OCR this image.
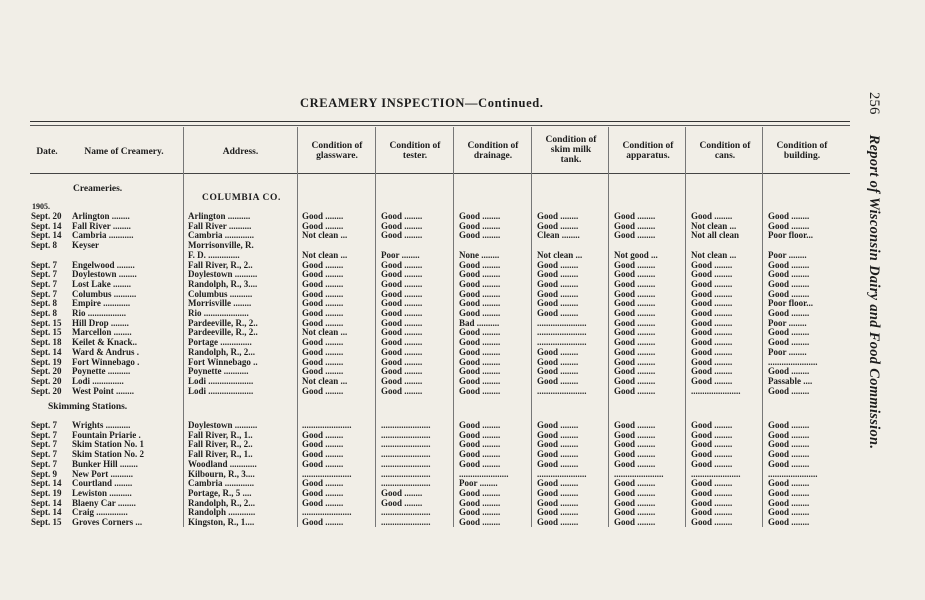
CREAMERY INSPECTION—Continued.	256 Report of Wisconsin Dairy and Food Commission.
Date.	Name of Creamery.	Address.
Condition of
glassware.
Condition of
tester.
Condition of
drainage.
Condition of
skim milk
tank.
Condition of
apparatus.
Condition of
cans.
Condition of
building.
Creameries.
COLUMBIA CO.
1905.
Skimming Stations.
Sept. 20	Arlington ........	Arlington ..........	Good ........	Good ........	Good ........	Good ........	Good ........	Good ........	Good ........
Sept. 14	Fall River ........	Fall River ..........	Good ........	Good ........	Good ........	Good ........	Good ........	Not clean ...	Good ........
Sept. 14	Cambria ...........	Cambria .............	Not clean ...	Good ........	Good ........	Clean ........	Good ........	Not all clean	Poor floor...
Sept. 8	Keyser	Morrisonville, R.
F. D. ..............	Not clean ...	Poor ........	None ........	Not clean ...	Not good ...	Not clean ...	Poor ........
Sept. 7	Engelwood ........	Fall River, R., 2..	Good ........	Good ........	Good ........	Good ........	Good ........	Good ........	Good ........
Sept. 7	Doylestown ........	Doylestown ..........	Good ........	Good ........	Good ........	Good ........	Good ........	Good ........	Good ........
Sept. 7	Lost Lake ........	Randolph, R., 3....	Good ........	Good ........	Good ........	Good ........	Good ........	Good ........	Good ........
Sept. 7	Columbus ..........	Columbus ..........	Good ........	Good ........	Good ........	Good ........	Good ........	Good ........	Good ........
Sept. 8	Empire ............	Morrisville ........	Good ........	Good ........	Good ........	Good ........	Good ........	Good ........	Poor floor...
Sept. 8	Rio .................	Rio ....................	Good ........	Good ........	Good ........	Good ........	Good ........	Good ........	Good ........
Sept. 15	Hill Drop ........	Pardeeville, R., 2..	Good ........	Good ........	Bad ..........	......................	Good ........	Good ........	Poor ........
Sept. 15	Marcellon ........	Pardeeville, R., 2..	Not clean ...	Good ........	Good ........	......................	Good ........	Good ........	Good ........
Sept. 18	Keilet & Knack..	Portage ..............	Good ........	Good ........	Good ........	......................	Good ........	Good ........	Good ........
Sept. 14	Ward & Andrus .	Randolph, R., 2...	Good ........	Good ........	Good ........	Good ........	Good ........	Good ........	Poor ........
Sept. 19	Fort Winnebago .	Fort Winnebago ..	Good ........	Good ........	Good ........	Good ........	Good ........	Good ........	......................
Sept. 20	Poynette ..........	Poynette ...........	Good ........	Good ........	Good ........	Good ........	Good ........	Good ........	Good ........
Sept. 20	Lodi ..............	Lodi ....................	Not clean ...	Good ........	Good ........	Good ........	Good ........	Good ........	Passable ....
Sept. 20	West Point ........	Lodi ....................	Good ........	Good ........	Good ........	......................	Good ........	......................	Good ........
Sept. 7	Wrights ...........	Doylestown ..........	......................	......................	Good ........	Good ........	Good ........	Good ........	Good ........
Sept. 7	Fountain Priarie .	Fall River, R., 1..	Good ........	......................	Good ........	Good ........	Good ........	Good ........	Good ........
Sept. 7	Skim Station No. 1	Fall River, R., 2..	Good ........	......................	Good ........	Good ........	Good ........	Good ........	Good ........
Sept. 7	Skim Station No. 2	Fall River, R., 1..	Good ........	......................	Good ........	Good ........	Good ........	Good ........	Good ........
Sept. 7	Bunker Hill ........	Woodland ............	Good ........	......................	Good ........	Good ........	Good ........	Good ........	Good ........
Sept. 9	New Port ..........	Kilbourn, R., 3....	......................	......................	......................	......................	......................	......................	......................
Sept. 14	Courtland ........	Cambria .............	Good ........	......................	Poor ........	Good ........	Good ........	Good ........	Good ........
Sept. 19	Lewiston ..........	Portage, R., 5 ....	Good ........	Good ........	Good ........	Good ........	Good ........	Good ........	Good ........
Sept. 14	Blaeny Car ........	Randolph, R., 2...	Good ........	Good ........	Good ........	Good ........	Good ........	Good ........	Good ........
Sept. 14	Craig ..............	Randolph ............	......................	......................	Good ........	Good ........	Good ........	Good ........	Good ........
Sept. 15	Groves Corners ...	Kingston, R., 1....	Good ........	......................	Good ........	Good ........	Good ........	Good ........	Good ........
